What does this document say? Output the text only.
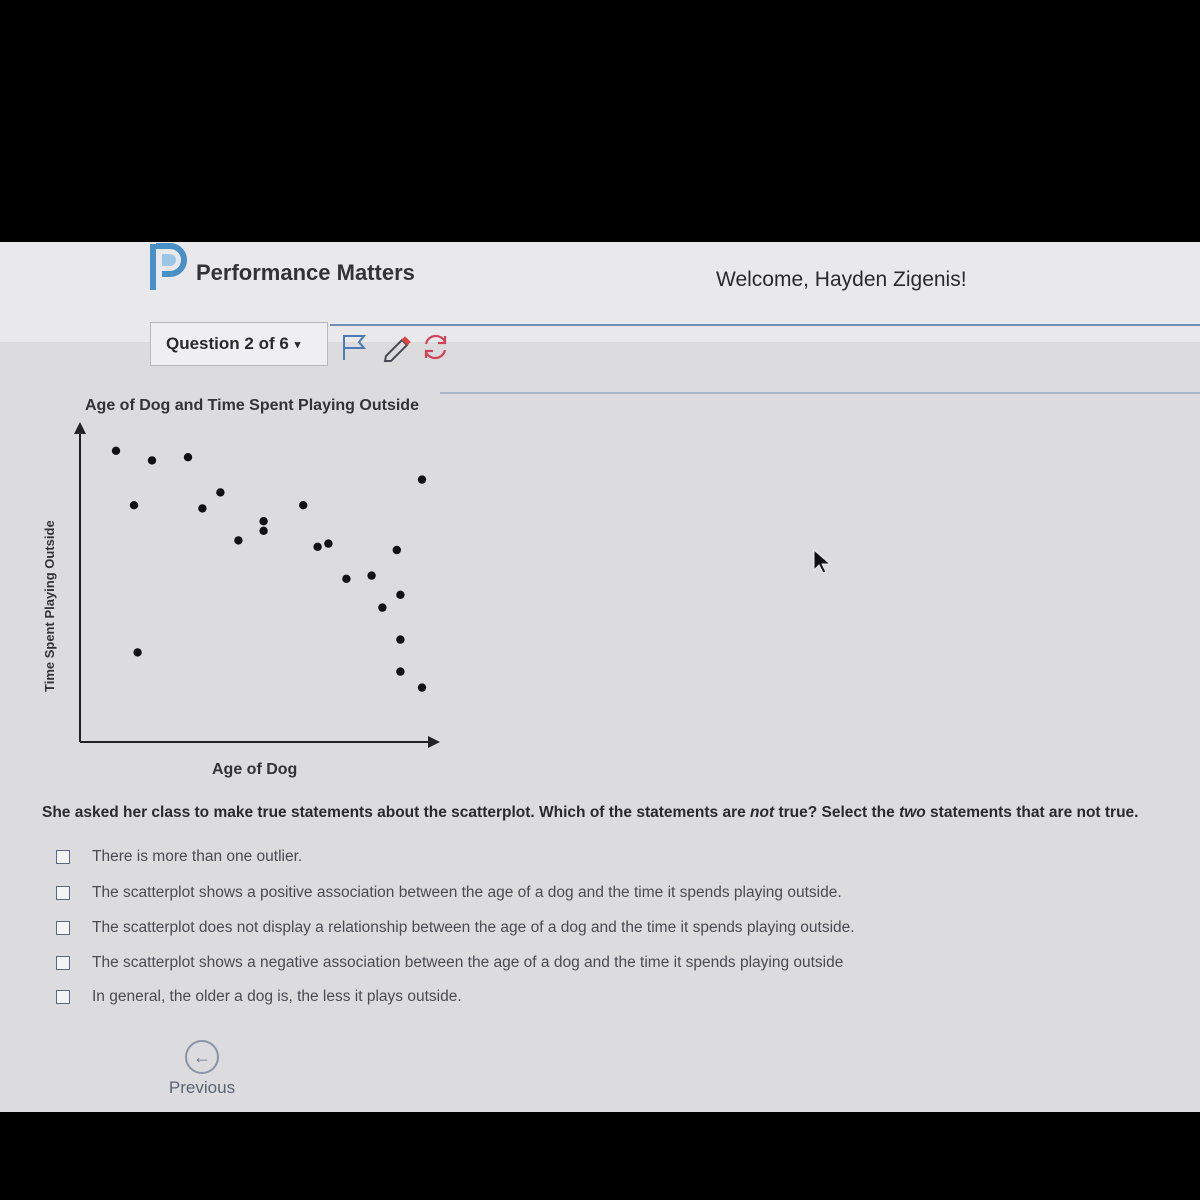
Performance Matters	Welcome, Hayden Zigenis!
Question 2 of 6 ▾
Age of Dog and Time Spent Playing Outside
Time Spent Playing Outside
Age of Dog
She asked her class to make true statements about the scatterplot. Which of the statements are not true? Select the two statements that are not true.
There is more than one outlier.
The scatterplot shows a positive association between the age of a dog and the time it spends playing outside.
The scatterplot does not display a relationship between the age of a dog and the time it spends playing outside.
The scatterplot shows a negative association between the age of a dog and the time it spends playing outside
In general, the older a dog is, the less it plays outside.
←
Previous
